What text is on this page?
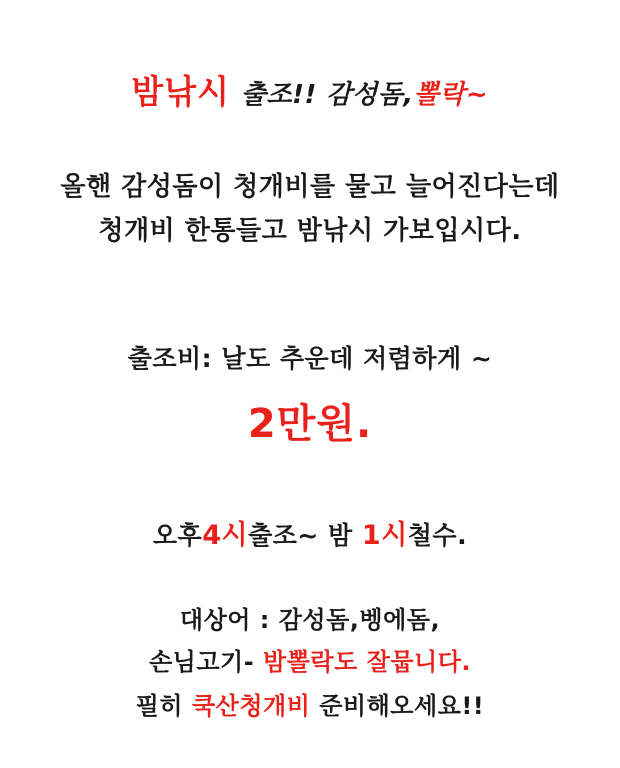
밤낚시 출조!! 감성돔,뽈락~
올핸 감성돔이 청개비를 물고 늘어진다는데
청개비 한통들고 밤낚시 가보입시다.
출조비: 날도 추운데 저렴하게 ~
2만원.
오후4시출조~ 밤 1시철수.
대상어 : 감성돔,벵에돔,
손님고기- 밤뽈락도 잘뭅니다.
필히 쿡산청개비 준비해오세요!!
